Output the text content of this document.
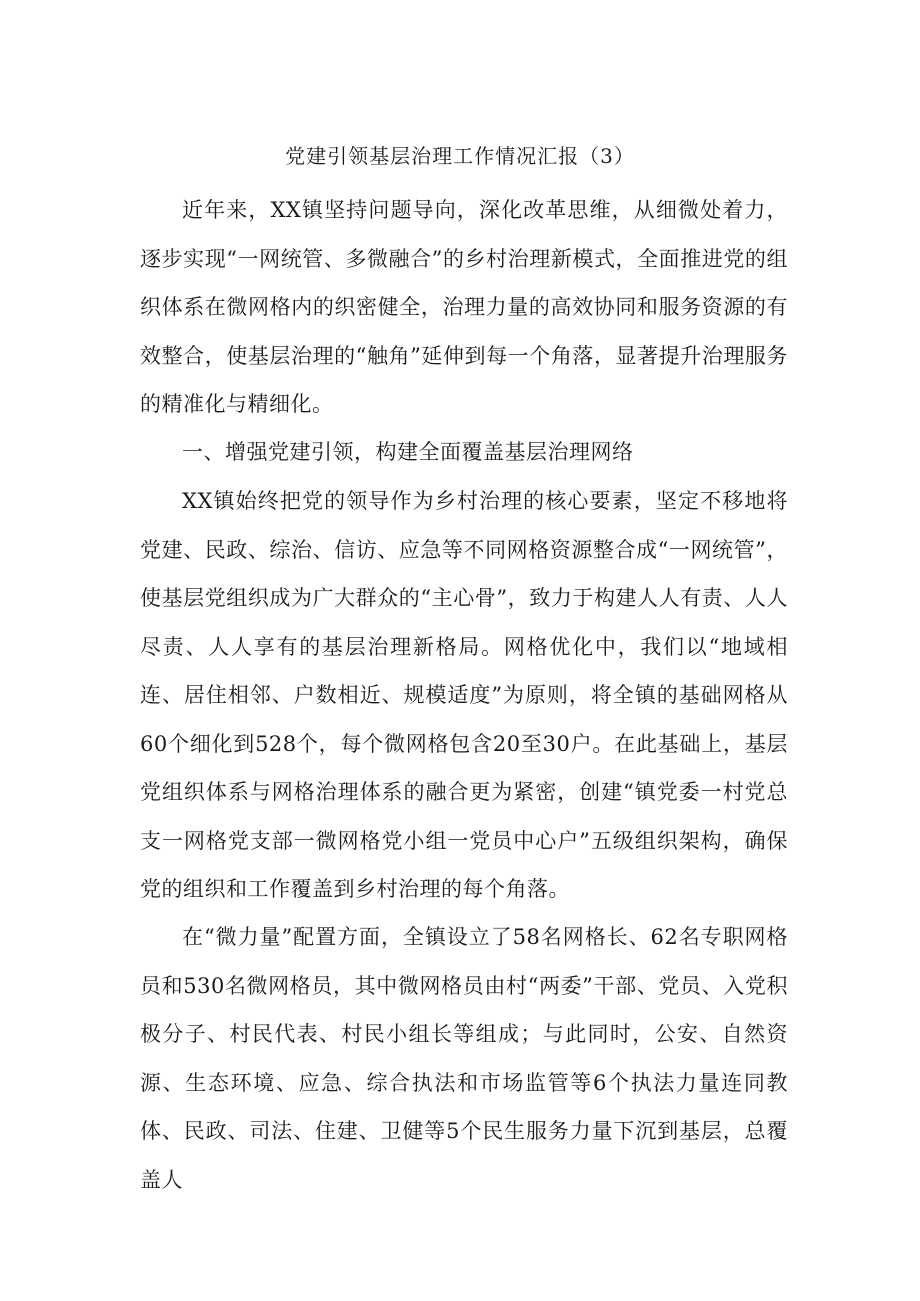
党建引领基层治理工作情况汇报（3）

近年来，XX镇坚持问题导向，深化改革思维，从细微处着力，逐步实现“一网统管、多微融合”的乡村治理新模式，全面推进党的组织体系在微网格内的织密健全，治理力量的高效协同和服务资源的有效整合，使基层治理的“触角”延伸到每一个角落，显著提升治理服务的精准化与精细化。

一、增强党建引领，构建全面覆盖基层治理网络

XX镇始终把党的领导作为乡村治理的核心要素，坚定不移地将党建、民政、综治、信访、应急等不同网格资源整合成“一网统管”，使基层党组织成为广大群众的“主心骨”，致力于构建人人有责、人人尽责、人人享有的基层治理新格局。网格优化中，我们以“地域相连、居住相邻、户数相近、规模适度”为原则，将全镇的基础网格从60个细化到528个，每个微网格包含20至30户。在此基础上，基层党组织体系与网格治理体系的融合更为紧密，创建“镇党委一村党总支一网格党支部一微网格党小组一党员中心户”五级组织架构，确保党的组织和工作覆盖到乡村治理的每个角落。

在“微力量”配置方面，全镇设立了58名网格长、62名专职网格员和530名微网格员，其中微网格员由村“两委”干部、党员、入党积极分子、村民代表、村民小组长等组成；与此同时，公安、自然资源、生态环境、应急、综合执法和市场监管等6个执法力量连同教体、民政、司法、住建、卫健等5个民生服务力量下沉到基层，总覆盖人
